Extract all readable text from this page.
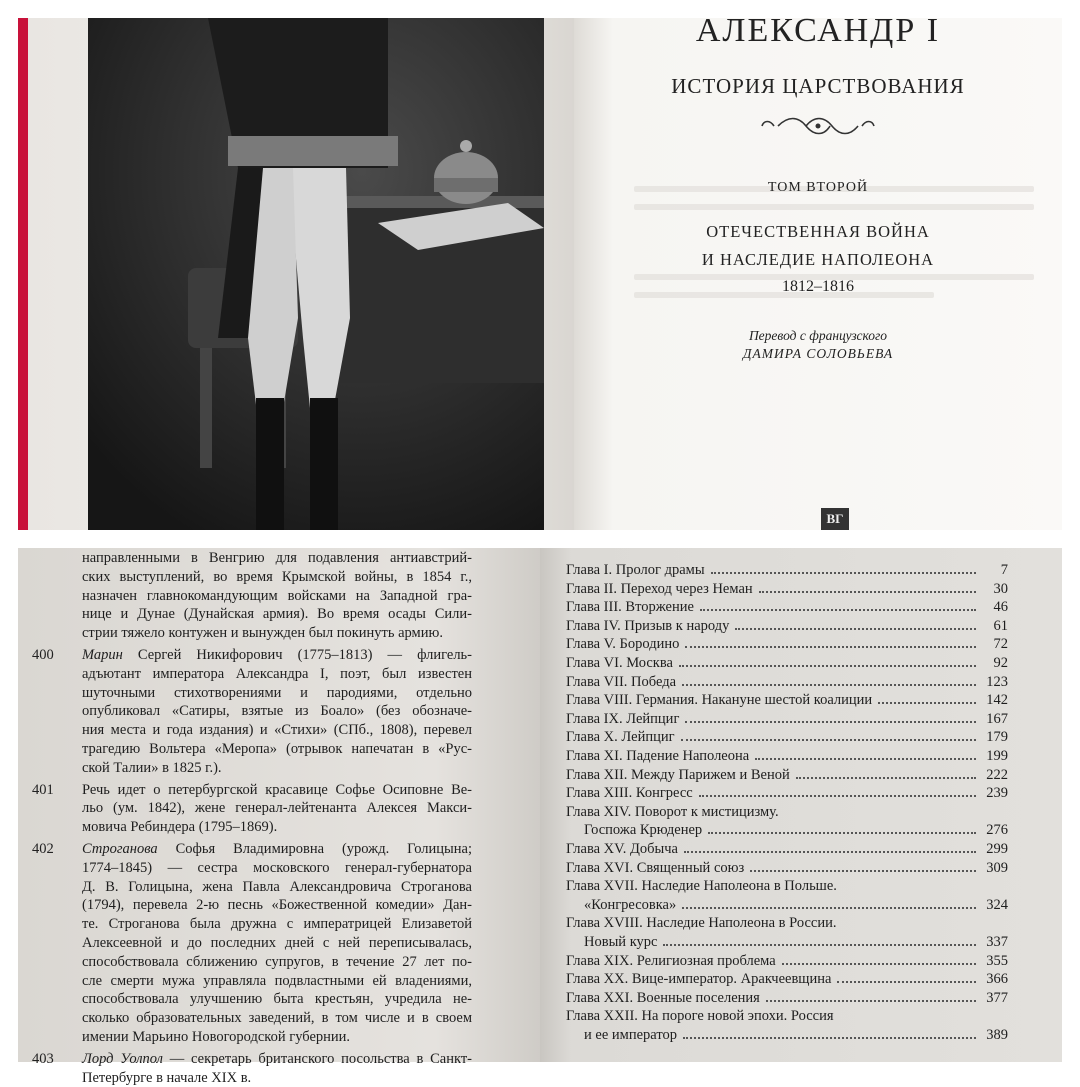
АЛЕКСАНДР I
ИСТОРИЯ ЦАРСТВОВАНИЯ
ТОМ ВТОРОЙ
ОТЕЧЕСТВЕННАЯ ВОЙНА
И НАСЛЕДИЕ НАПОЛЕОНА
1812–1816
Перевод с французского
ДАМИРА СОЛОВЬЕВА
ВГ
направленными в Венгрию для подавления антиавстрий-
ских выступлений, во время Крымской войны, в 1854 г.,
назначен главнокомандующим войсками на Западной гра-
нице и Дунае (Дунайская армия). Во время осады Сили-
стрии тяжело контужен и вынужден был покинуть армию.
400 Марин Сергей Никифорович (1775–1813) — флигель-
адъютант императора Александра I, поэт, был известен
шуточными стихотворениями и пародиями, отдельно
опубликовал «Сатиры, взятые из Боало» (без обозначе-
ния места и года издания) и «Стихи» (СПб., 1808), перевел
трагедию Вольтера «Меропа» (отрывок напечатан в «Рус-
ской Талии» в 1825 г.).
401 Речь идет о петербургской красавице Софье Осиповне Ве-
льо (ум. 1842), жене генерал-лейтенанта Алексея Макси-
мовича Ребиндера (1795–1869).
402 Строганова Софья Владимировна (урожд. Голицына;
1774–1845) — сестра московского генерал-губернатора
Д. В. Голицына, жена Павла Александровича Строганова
(1794), перевела 2-ю песнь «Божественной комедии» Дан-
те. Строганова была дружна с императрицей Елизаветой
Алексеевной и до последних дней с ней переписывалась,
способствовала сближению супругов, в течение 27 лет по-
сле смерти мужа управляла подвластными ей владениями,
способствовала улучшению быта крестьян, учредила не-
сколько образовательных заведений, в том числе и в своем
имении Марьино Новогородской губернии.
403 Лорд Уолпол — секретарь британского посольства в Санкт-
Петербурге в начале XIX в.
Глава I. Пролог драмы	7
Глава II. Переход через Неман	30
Глава III. Вторжение	46
Глава IV. Призыв к народу	61
Глава V. Бородино	72
Глава VI. Москва	92
Глава VII. Победа	123
Глава VIII. Германия. Накануне шестой коалиции	142
Глава IX. Лейпциг	167
Глава X. Лейпциг	179
Глава XI. Падение Наполеона	199
Глава XII. Между Парижем и Веной	222
Глава XIII. Конгресс	239
Глава XIV. Поворот к мистицизму.
Госпожа Крюденер	276
Глава XV. Добыча	299
Глава XVI. Священный союз	309
Глава XVII. Наследие Наполеона в Польше.
«Конгресовка»	324
Глава XVIII. Наследие Наполеона в России.
Новый курс	337
Глава XIX. Религиозная проблема	355
Глава XX. Вице-император. Аракчеевщина	366
Глава XXI. Военные поселения	377
Глава XXII. На пороге новой эпохи. Россия
и ее император	389
